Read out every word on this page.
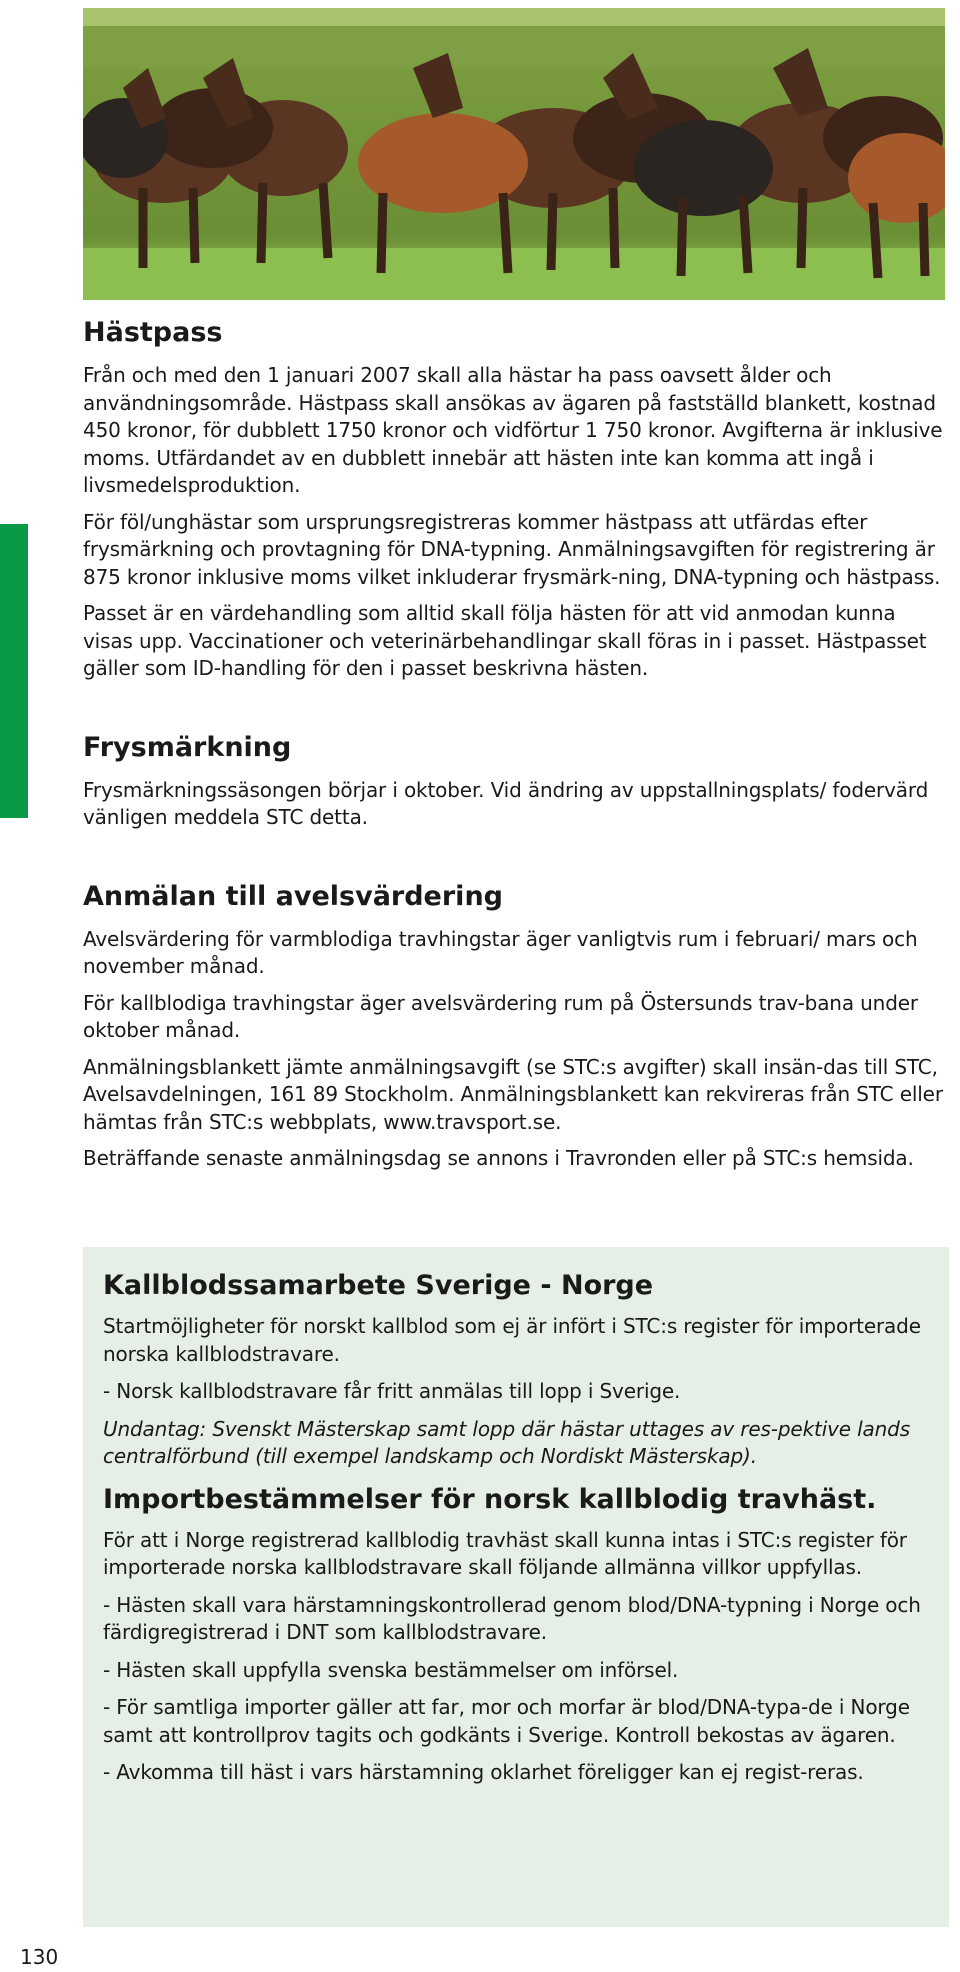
Hästpass

Från och med den 1 januari 2007 skall alla hästar ha pass oavsett ålder och användningsområde. Hästpass skall ansökas av ägaren på fastställd blankett, kostnad 450 kronor, för dubblett 1750 kronor och vidförtur 1 750 kronor. Avgifterna är inklusive moms. Utfärdandet av en dubblett innebär att hästen inte kan komma att ingå i livsmedelsproduktion.

För föl/unghästar som ursprungsregistreras kommer hästpass att utfärdas efter frysmärkning och provtagning för DNA-typning. Anmälningsavgiften för registrering är 875 kronor inklusive moms vilket inkluderar frysmärk-ning, DNA-typning och hästpass.

Passet är en värdehandling som alltid skall följa hästen för att vid anmodan kunna visas upp. Vaccinationer och veterinärbehandlingar skall föras in i passet. Hästpasset gäller som ID-handling för den i passet beskrivna hästen.

Frysmärkning

Frysmärkningssäsongen börjar i oktober. Vid ändring av uppstallningsplats/ fodervärd vänligen meddela STC detta.

Anmälan till avelsvärdering

Avelsvärdering för varmblodiga travhingstar äger vanligtvis rum i februari/ mars och november månad.

För kallblodiga travhingstar äger avelsvärdering rum på Östersunds trav-bana under oktober månad.

Anmälningsblankett jämte anmälningsavgift (se STC:s avgifter) skall insän-das till STC, Avelsavdelningen, 161 89 Stockholm. Anmälningsblankett kan rekvireras från STC eller hämtas från STC:s webbplats, www.travsport.se.

Beträffande senaste anmälningsdag se annons i Travronden eller på STC:s hemsida.

Kallblodssamarbete Sverige - Norge

Startmöjligheter för norskt kallblod som ej är infört i STC:s register för importerade norska kallblodstravare.

- Norsk kallblodstravare får fritt anmälas till lopp i Sverige.

Undantag: Svenskt Mästerskap samt lopp där hästar uttages av res-pektive lands centralförbund (till exempel landskamp och Nordiskt Mästerskap).

Importbestämmelser för norsk kallblodig travhäst.

För att i Norge registrerad kallblodig travhäst skall kunna intas i STC:s register för importerade norska kallblodstravare skall följande allmänna villkor uppfyllas.

- Hästen skall vara härstamningskontrollerad genom blod/DNA-typning i Norge och färdigregistrerad i DNT som kallblodstravare.

- Hästen skall uppfylla svenska bestämmelser om införsel.

- För samtliga importer gäller att far, mor och morfar är blod/DNA-typa-de i Norge samt att kontrollprov tagits och godkänts i Sverige. Kontroll bekostas av ägaren.

- Avkomma till häst i vars härstamning oklarhet föreligger kan ej regist-reras.

130
